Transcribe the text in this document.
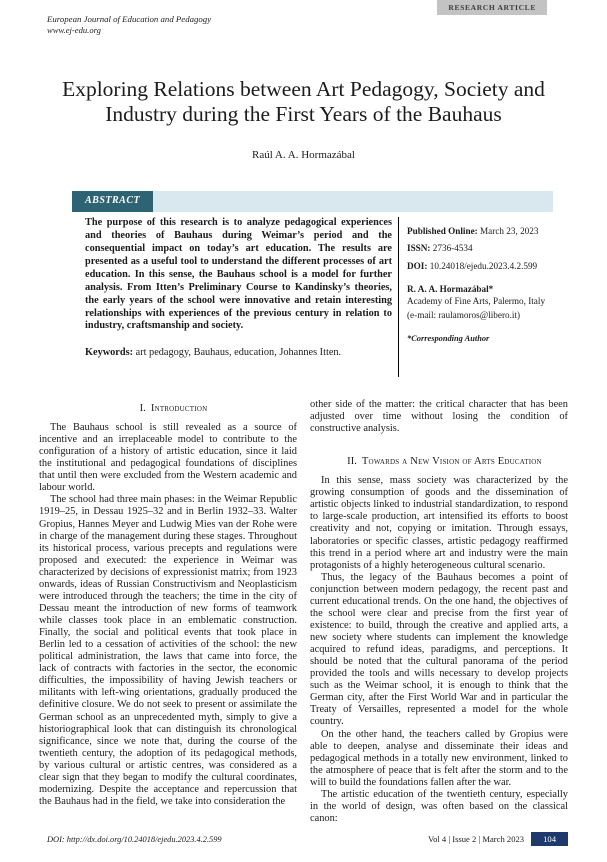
RESEARCH ARTICLE
European Journal of Education and Pedagogy
www.ej-edu.org
Exploring Relations between Art Pedagogy, Society and Industry during the First Years of the Bauhaus
Raúl A. A. Hormazábal
ABSTRACT

The purpose of this research is to analyze pedagogical experiences and theories of Bauhaus during Weimar’s period and the consequential impact on today’s art education. The results are presented as a useful tool to understand the different processes of art education. In this sense, the Bauhaus school is a model for further analysis. From Itten’s Preliminary Course to Kandinsky’s theories, the early years of the school were innovative and retain interesting relationships with experiences of the previous century in relation to industry, craftsmanship and society.

Keywords: art pedagogy, Bauhaus, education, Johannes Itten.

Published Online: March 23, 2023

ISSN: 2736-4534

DOI: 10.24018/ejedu.2023.4.2.599

R. A. A. Hormazábal*
Academy of Fine Arts, Palermo, Italy
(e-mail: raulamoros@libero.it)
*Corresponding Author

I. Introduction

The Bauhaus school is still revealed as a source of incentive and an irreplaceable model to contribute to the configuration of a history of artistic education, since it laid the institutional and pedagogical foundations of disciplines that until then were excluded from the Western academic and labour world.

The school had three main phases: in the Weimar Republic 1919–25, in Dessau 1925–32 and in Berlin 1932–33. Walter Gropius, Hannes Meyer and Ludwig Mies van der Rohe were in charge of the management during these stages. Throughout its historical process, various precepts and regulations were proposed and executed: the experience in Weimar was characterized by decisions of expressionist matrix; from 1923 onwards, ideas of Russian Constructivism and Neoplasticism were introduced through the teachers; the time in the city of Dessau meant the introduction of new forms of teamwork while classes took place in an emblematic construction. Finally, the social and political events that took place in Berlin led to a cessation of activities of the school: the new political administration, the laws that came into force, the lack of contracts with factories in the sector, the economic difficulties, the impossibility of having Jewish teachers or militants with left-wing orientations, gradually produced the definitive closure. We do not seek to present or assimilate the German school as an unprecedented myth, simply to give a historiographical look that can distinguish its chronological significance, since we note that, during the course of the twentieth century, the adoption of its pedagogical methods, by various cultural or artistic centres, was considered as a clear sign that they began to modify the cultural coordinates, modernizing. Despite the acceptance and repercussion that the Bauhaus had in the field, we take into consideration the

other side of the matter: the critical character that has been adjusted over time without losing the condition of constructive analysis.

II. Towards a New Vision of Arts Education

In this sense, mass society was characterized by the growing consumption of goods and the dissemination of artistic objects linked to industrial standardization, to respond to large-scale production, art intensified its efforts to boost creativity and not, copying or imitation. Through essays, laboratories or specific classes, artistic pedagogy reaffirmed this trend in a period where art and industry were the main protagonists of a highly heterogeneous cultural scenario.

Thus, the legacy of the Bauhaus becomes a point of conjunction between modern pedagogy, the recent past and current educational trends. On the one hand, the objectives of the school were clear and precise from the first year of existence: to build, through the creative and applied arts, a new society where students can implement the knowledge acquired to refund ideas, paradigms, and perceptions. It should be noted that the cultural panorama of the period provided the tools and wills necessary to develop projects such as the Weimar school, it is enough to think that the German city, after the First World War and in particular the Treaty of Versailles, represented a model for the whole country.

On the other hand, the teachers called by Gropius were able to deepen, analyse and disseminate their ideas and pedagogical methods in a totally new environment, linked to the atmosphere of peace that is felt after the storm and to the will to build the foundations fallen after the war.

The artistic education of the twentieth century, especially in the world of design, was often based on the classical canon:

DOI: http://dx.doi.org/10.24018/ejedu.2023.4.2.599	Vol 4 | Issue 2 | March 2023	104
